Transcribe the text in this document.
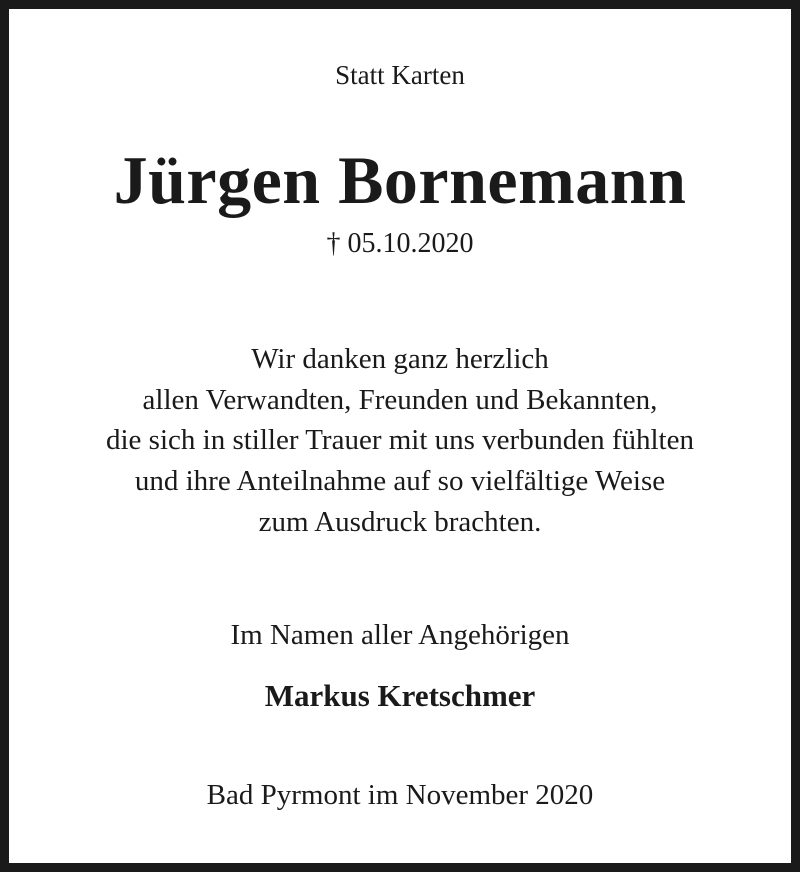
Statt Karten
Jürgen Bornemann
† 05.10.2020
Wir danken ganz herzlich
allen Verwandten, Freunden und Bekannten,
die sich in stiller Trauer mit uns verbunden fühlten
und ihre Anteilnahme auf so vielfältige Weise
zum Ausdruck brachten.
Im Namen aller Angehörigen
Markus Kretschmer
Bad Pyrmont im November 2020
